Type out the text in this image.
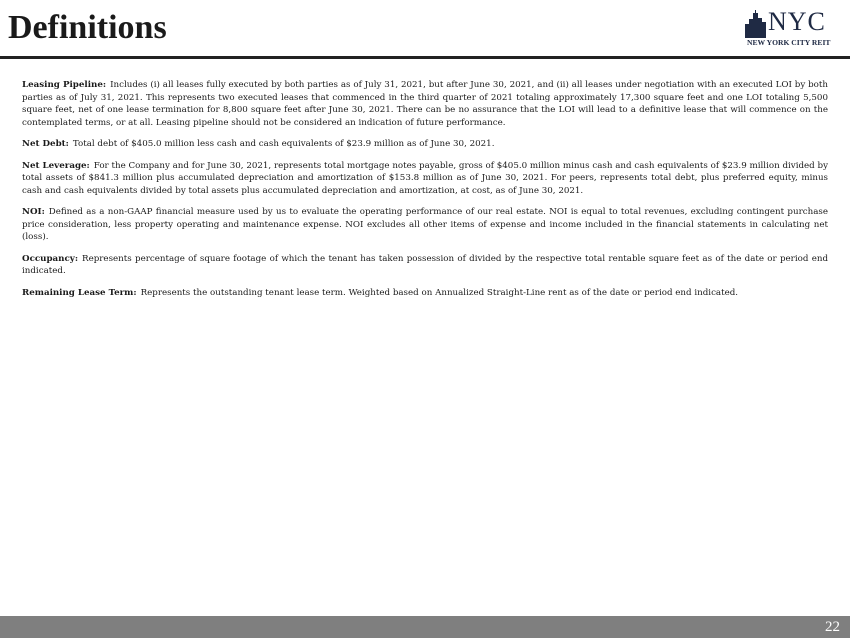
Definitions	NYC
NEW YORK CITY REIT

Leasing Pipeline: Includes (i) all leases fully executed by both parties as of July 31, 2021, but after June 30, 2021, and (ii) all leases under negotiation with an executed LOI by both parties as of July 31, 2021. This represents two executed leases that commenced in the third quarter of 2021 totaling approximately 17,300 square feet and one LOI totaling 5,500 square feet, net of one lease termination for 8,800 square feet after June 30, 2021. There can be no assurance that the LOI will lead to a definitive lease that will commence on the contemplated terms, or at all. Leasing pipeline should not be considered an indication of future performance.

Net Debt: Total debt of $405.0 million less cash and cash equivalents of $23.9 million as of June 30, 2021.

Net Leverage: For the Company and for June 30, 2021, represents total mortgage notes payable, gross of $405.0 million minus cash and cash equivalents of $23.9 million divided by total assets of $841.3 million plus accumulated depreciation and amortization of $153.8 million as of June 30, 2021. For peers, represents total debt, plus preferred equity, minus cash and cash equivalents divided by total assets plus accumulated depreciation and amortization, at cost, as of June 30, 2021.

NOI: Defined as a non-GAAP financial measure used by us to evaluate the operating performance of our real estate. NOI is equal to total revenues, excluding contingent purchase price consideration, less property operating and maintenance expense. NOI excludes all other items of expense and income included in the financial statements in calculating net (loss).

Occupancy: Represents percentage of square footage of which the tenant has taken possession of divided by the respective total rentable square feet as of the date or period end indicated.

Remaining Lease Term: Represents the outstanding tenant lease term. Weighted based on Annualized Straight-Line rent as of the date or period end indicated.

22
